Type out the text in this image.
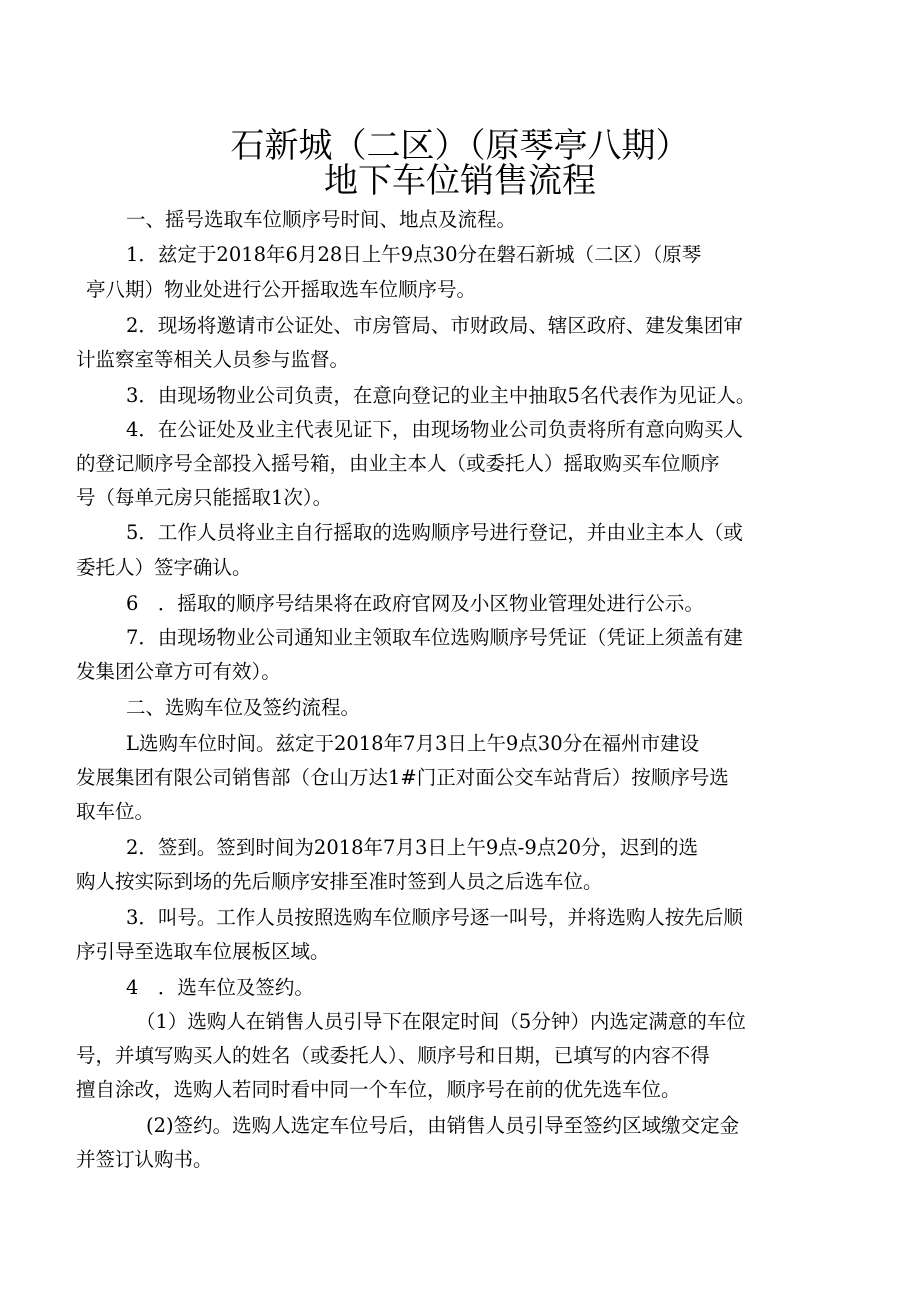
石新城（二区）（原琴亭八期）
地下车位销售流程
一、摇号选取车位顺序号时间、地点及流程。
1．兹定于2018年6月28日上午9点30分在磐石新城（二区）（原琴
亭八期）物业处进行公开摇取选车位顺序号。
2．现场将邀请市公证处、市房管局、市财政局、辖区政府、建发集团审
计监察室等相关人员参与监督。
3．由现场物业公司负责，在意向登记的业主中抽取5名代表作为见证人。
4．在公证处及业主代表见证下，由现场物业公司负责将所有意向购买人
的登记顺序号全部投入摇号箱，由业主本人（或委托人）摇取购买车位顺序
号（每单元房只能摇取1次）。
5．工作人员将业主自行摇取的选购顺序号进行登记，并由业主本人（或
委托人）签字确认。
6　．摇取的顺序号结果将在政府官网及小区物业管理处进行公示。
7．由现场物业公司通知业主领取车位选购顺序号凭证（凭证上须盖有建
发集团公章方可有效）。
二、选购车位及签约流程。
L选购车位时间。兹定于2018年7月3日上午9点30分在福州市建设
发展集团有限公司销售部（仓山万达1#门正对面公交车站背后）按顺序号选
取车位。
2．签到。签到时间为2018年7月3日上午9点-9点20分，迟到的选
购人按实际到场的先后顺序安排至准时签到人员之后选车位。
3．叫号。工作人员按照选购车位顺序号逐一叫号，并将选购人按先后顺
序引导至选取车位展板区域。
4　．选车位及签约。
（1）选购人在销售人员引导下在限定时间（5分钟）内选定满意的车位
号，并填写购买人的姓名（或委托人）、顺序号和日期，已填写的内容不得
擅自涂改，选购人若同时看中同一个车位，顺序号在前的优先选车位。
(2)签约。选购人选定车位号后，由销售人员引导至签约区域缴交定金
并签订认购书。
